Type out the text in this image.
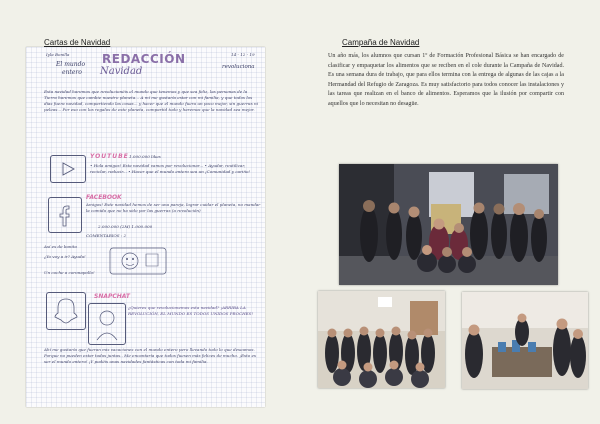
Cartas de Navidad	Campaña de Navidad
Iyla Bonilla	14 - 12 - 19
El mundo
entero
REDACCIÓN
Navidad	revoluciona
Esta navidad haremos que revolucionéis el mundo que tenemos y que sea feliz, las personas de la Tierra haremos que cambie nuestro planeta... A mí me gustaría estar con mi familia, y que todos los días fuera navidad, compartiendo las cosas... y hacer que el mundo fuera un poco mejor, sin guerras ni peleas... Por eso con los regalos de este planeta, compartid todo y haremos que la navidad sea mejor.
YOUTUBE 1.000.000 likes
• Hola amigos! Esta navidad vamos por revolucionar... • Ayudar, reutilizar, reciclar, reducir... • Hacer que el mundo entero sea un ¡Comunidad y cariño!
FACEBOOK
Amigos! Este navidad hemos de ser una pareja, lograr cuidar el planeta, no mandar la comida que no ha sido por las guerras (a revolución)
2.000.000 (2M) 1.000.000
COMENTARIOS : 2
Así es de bonito
¿Yo voy a ir? Ayuda!
Un coche a coronapollo!
SNAPCHAT
¿Quieres que revolucionemos esta navidad? ¡ARRIBA LA REVOLUCIÓN, EL MUNDO ES TODOS UNIDOS PROCHES!
Ahí me gustaría que fueran mis vacaciones con el mundo entero pero llevando todo lo que deseamos. Porque no pueden estar todas juntas.. Me encantaría que todos fuesen más felices de mucho. ¡Esto es ser el mundo entero! ¡Y podéis unas navidades fantásticas con toda mi familia.
Un año más, los alumnos que cursan 1º de Formación Profesional Básica se han encargado de clasificar y empaquetar los alimentos que se reciben en el cole durante la Campaña de Navidad. Es una semana dura de trabajo, que para ellos termina con la entrega de algunas de las cajas a la Hermandad del Refugio de Zaragoza. Es muy satisfactorio para todos conocer las instalaciones y las tareas que realizan en el banco de alimentos. Esperamos que la ilusión por compartir con aquellos que lo necesitan no desagüe.
